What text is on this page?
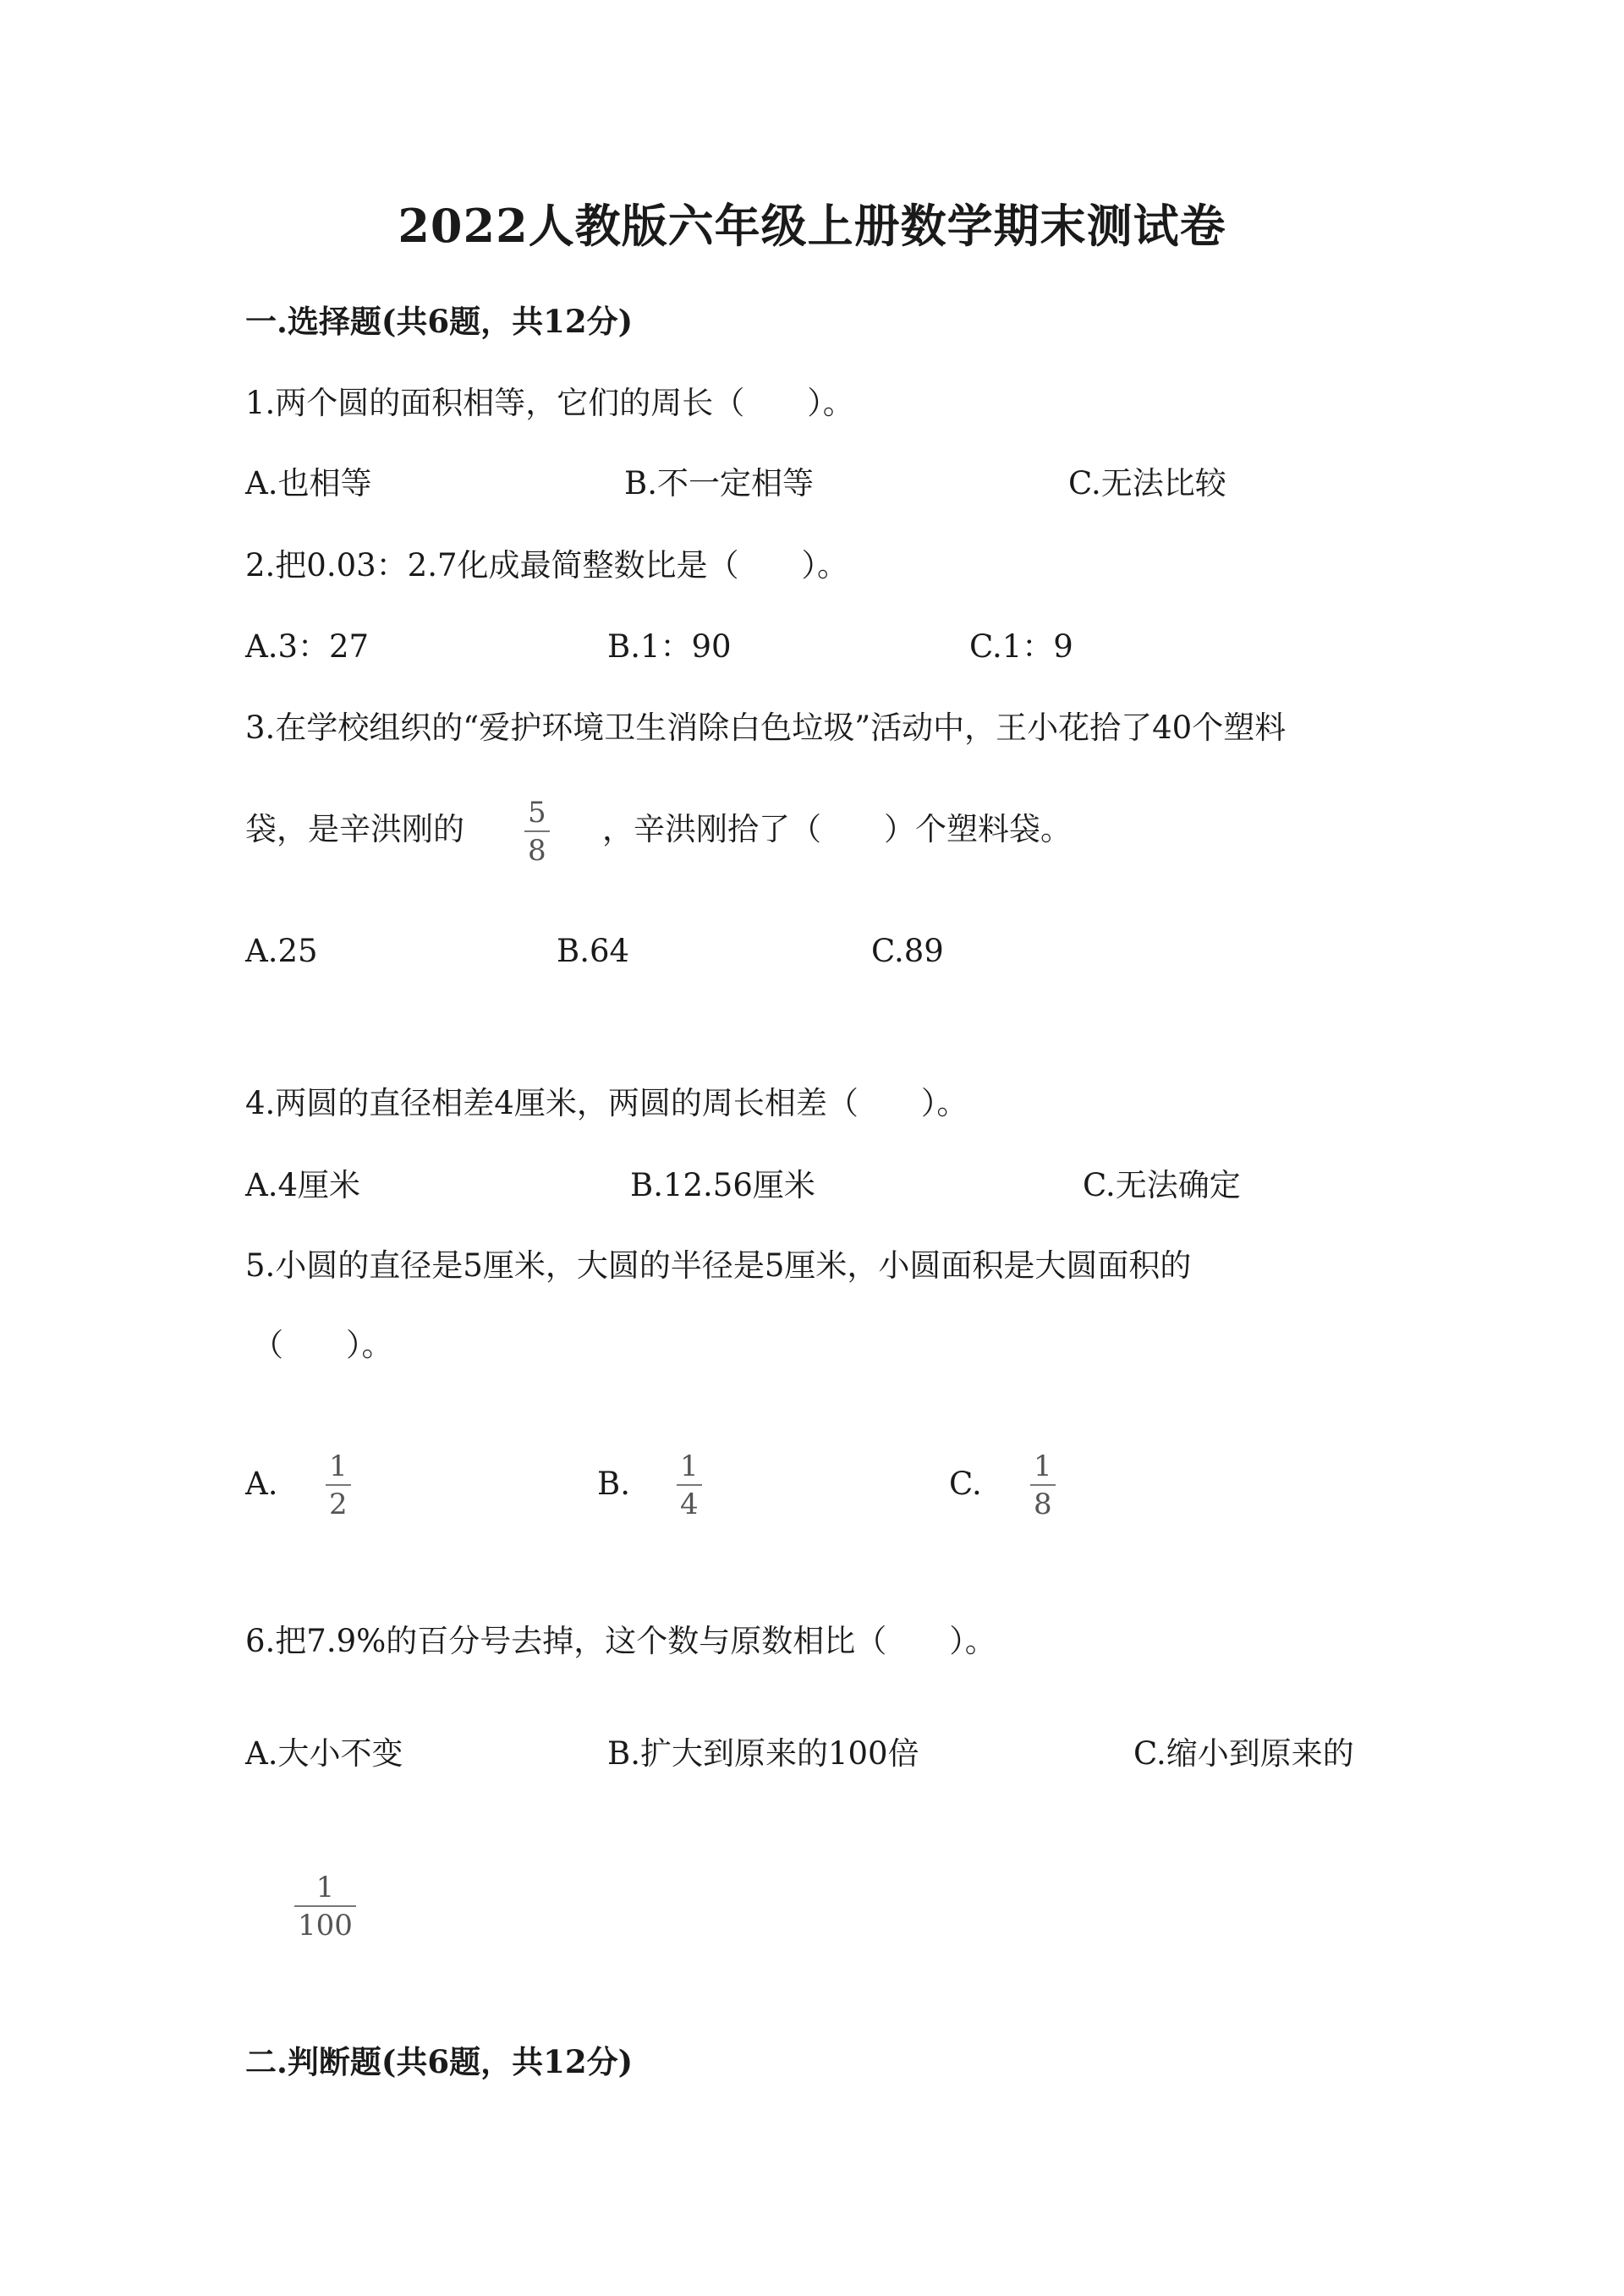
2022人教版六年级上册数学期末测试卷
一.选择题(共6题，共12分)
1.两个圆的面积相等，它们的周长（　　）。
A.也相等	B.不一定相等	C.无法比较
2.把0.03：2.7化成最简整数比是（　　）。
A.3：27	B.1：90	C.1：9
3.在学校组织的“爱护环境卫生消除白色垃圾”活动中，王小花拾了40个塑料
袋，是辛洪刚的 5
8
，辛洪刚拾了（　　）个塑料袋。
A.25	B.64	C.89
4.两圆的直径相差4厘米，两圆的周长相差（　　）。
A.4厘米	B.12.56厘米	C.无法确定
5.小圆的直径是5厘米，大圆的半径是5厘米，小圆面积是大圆面积的
（　　）。
A. 1
2
B. 1
4
C. 1
8
6.把7.9%的百分号去掉，这个数与原数相比（　　）。
A.大小不变	B.扩大到原来的100倍	C.缩小到原来的
1
100
二.判断题(共6题，共12分)
